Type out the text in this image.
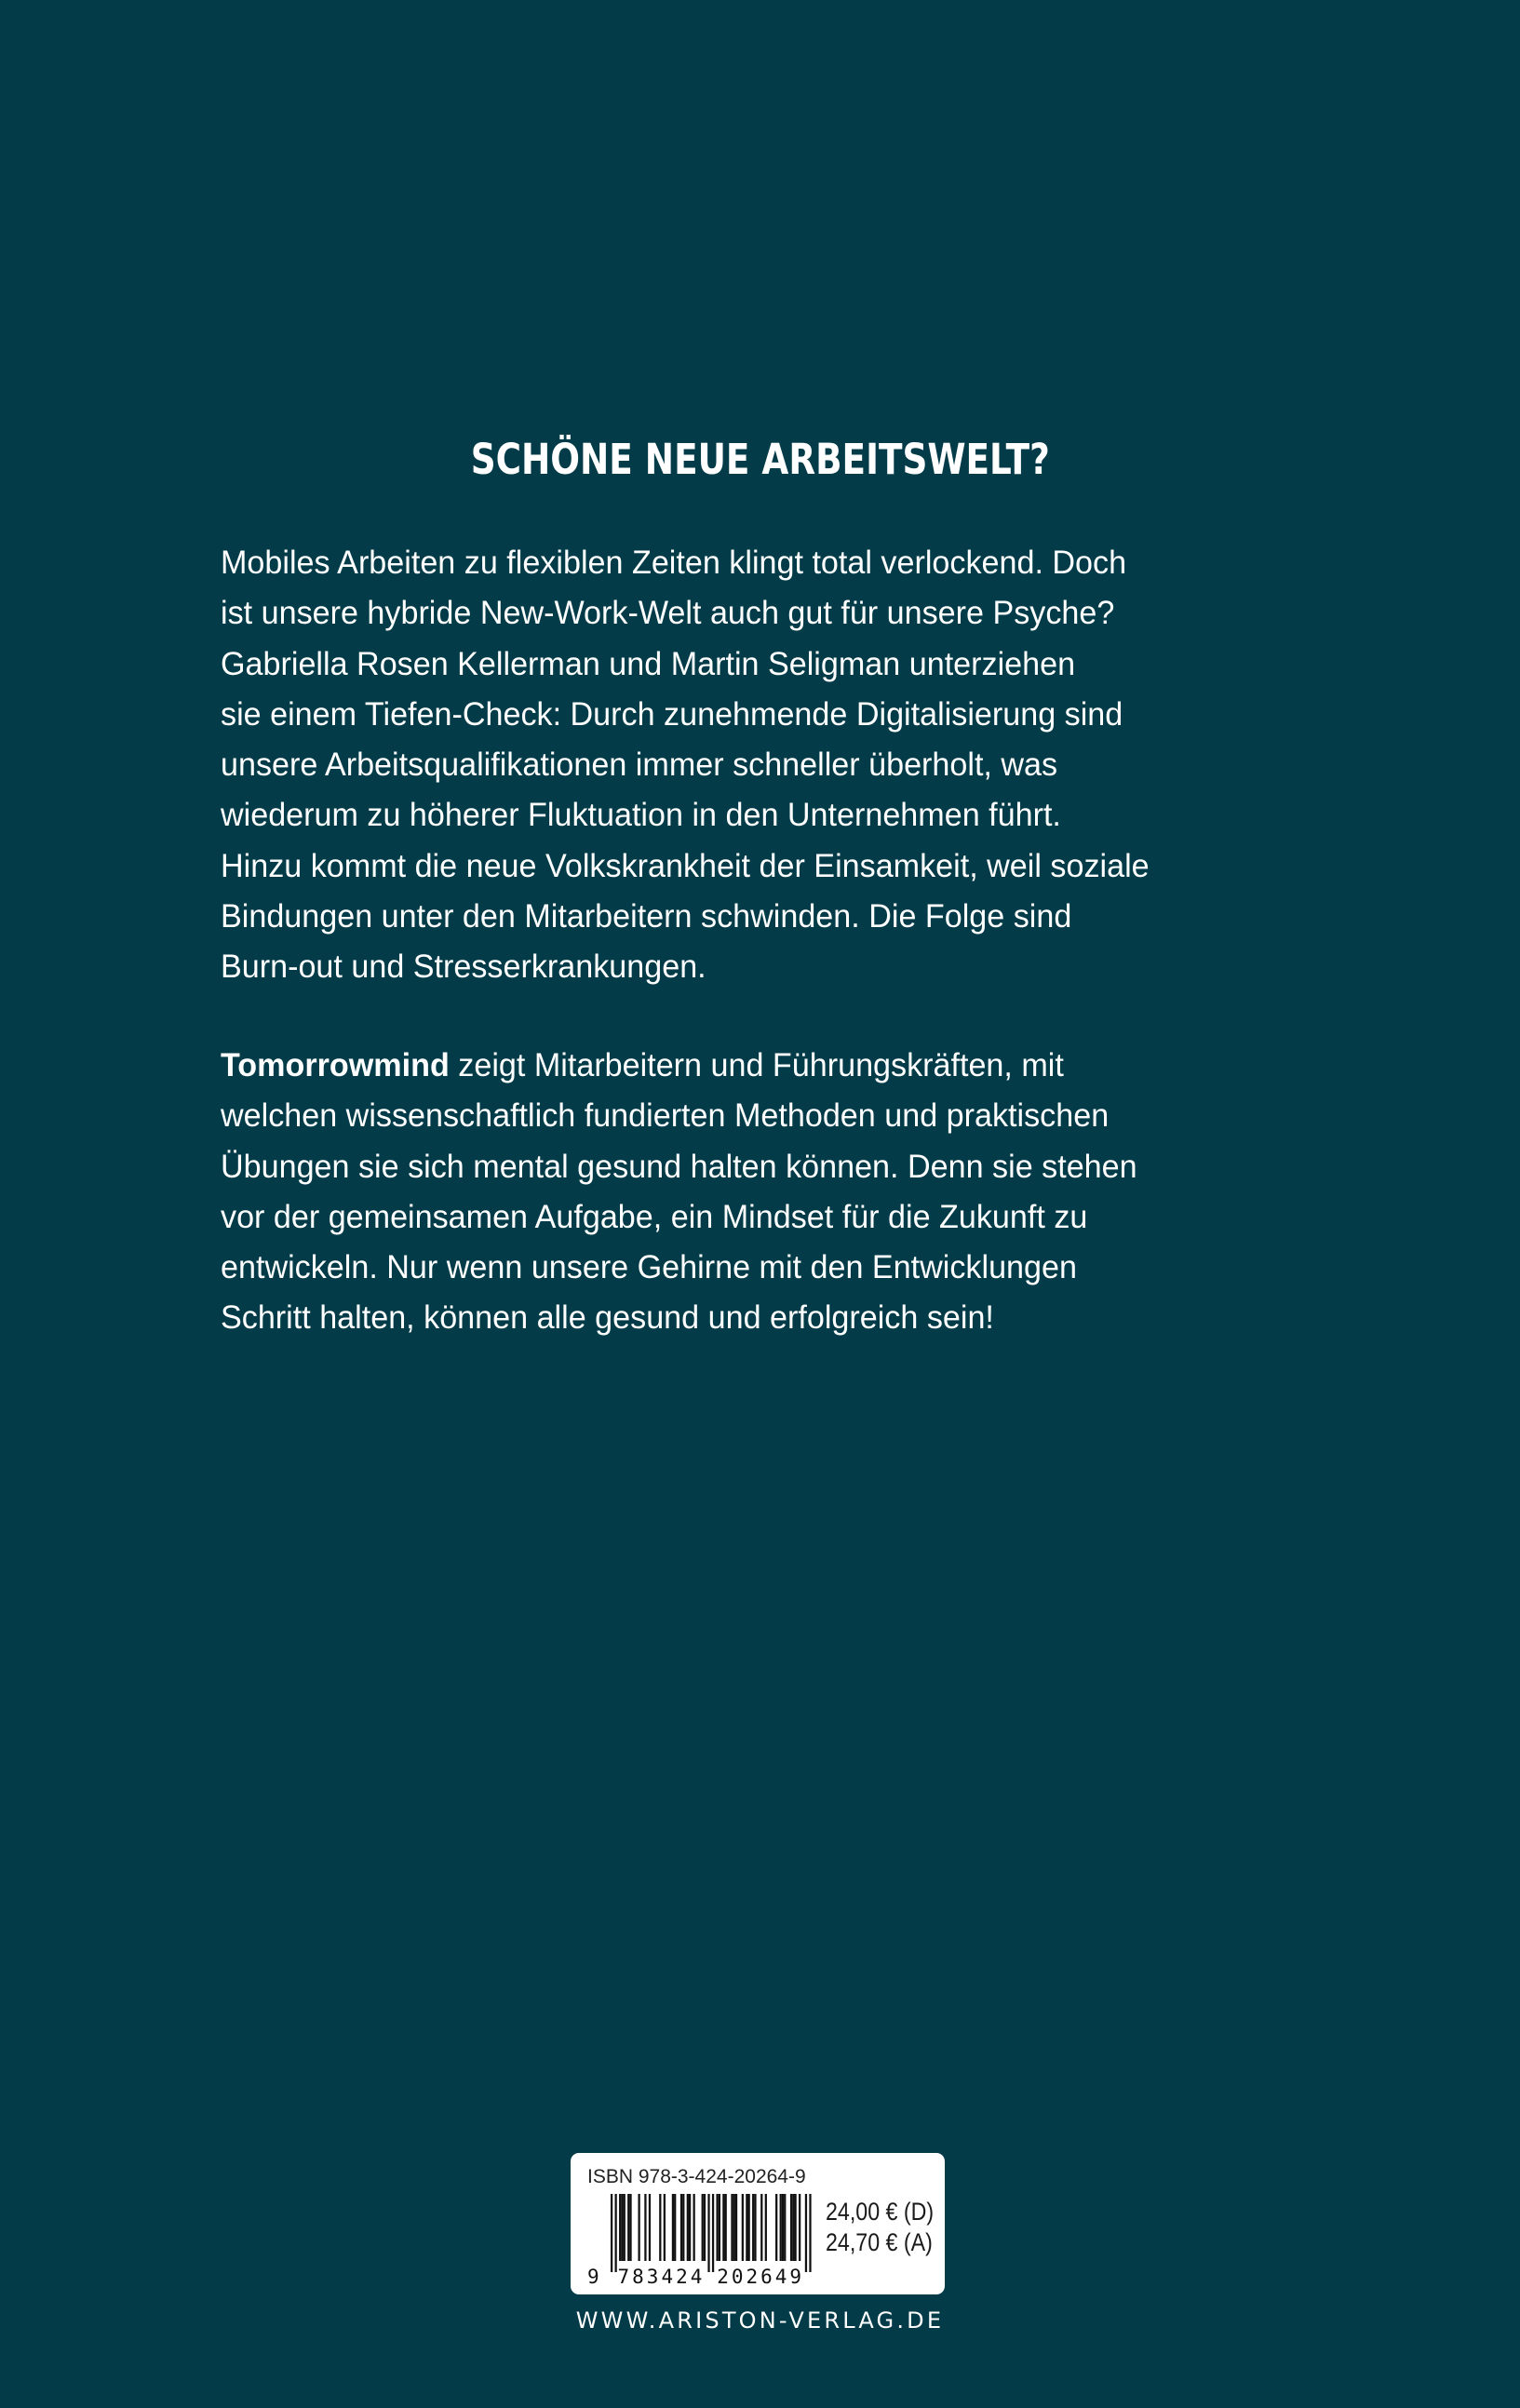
SCHÖNE NEUE ARBEITSWELT?
Mobiles Arbeiten zu flexiblen Zeiten klingt total verlockend. Doch
ist unsere hybride New-Work-Welt auch gut für unsere Psyche?
Gabriella Rosen Kellerman und Martin Seligman unterziehen
sie einem Tiefen-Check: Durch zunehmende Digitalisierung sind
unsere Arbeitsqualifikationen immer schneller überholt, was
wiederum zu höherer Fluktuation in den Unternehmen führt.
Hinzu kommt die neue Volkskrankheit der Einsamkeit, weil soziale
Bindungen unter den Mitarbeitern schwinden. Die Folge sind
Burn-out und Stresserkrankungen.
Tomorrowmind zeigt Mitarbeitern und Führungskräften, mit
welchen wissenschaftlich fundierten Methoden und praktischen
Übungen sie sich mental gesund halten können. Denn sie stehen
vor der gemeinsamen Aufgabe, ein Mindset für die Zukunft zu
entwickeln. Nur wenn unsere Gehirne mit den Entwicklungen
Schritt halten, können alle gesund und erfolgreich sein!
ISBN 978-3-424-20264-9
9 783424 202649
24,00 € (D)
24,70 € (A)
WWW.ARISTON-VERLAG.DE
